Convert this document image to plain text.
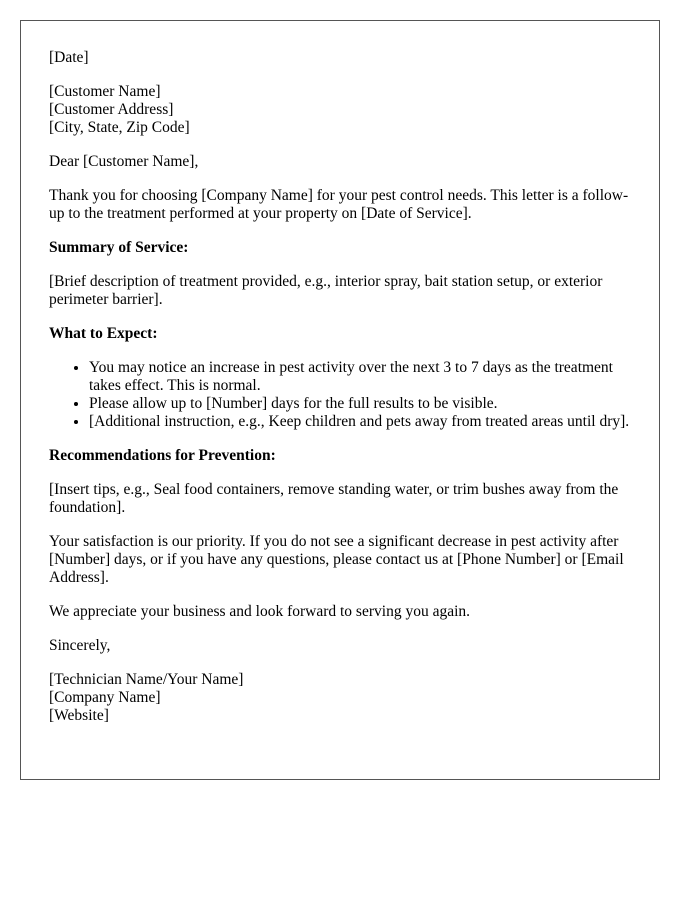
[Date]
[Customer Name]
[Customer Address]
[City, State, Zip Code]
Dear [Customer Name],
Thank you for choosing [Company Name] for your pest control needs. This letter is a follow-up to the treatment performed at your property on [Date of Service].
Summary of Service:
[Brief description of treatment provided, e.g., interior spray, bait station setup, or exterior perimeter barrier].
What to Expect:
• You may notice an increase in pest activity over the next 3 to 7 days as the treatment takes effect. This is normal.
• Please allow up to [Number] days for the full results to be visible.
• [Additional instruction, e.g., Keep children and pets away from treated areas until dry].
Recommendations for Prevention:
[Insert tips, e.g., Seal food containers, remove standing water, or trim bushes away from the foundation].
Your satisfaction is our priority. If you do not see a significant decrease in pest activity after [Number] days, or if you have any questions, please contact us at [Phone Number] or [Email Address].
We appreciate your business and look forward to serving you again.
Sincerely,
[Technician Name/Your Name]
[Company Name]
[Website]
